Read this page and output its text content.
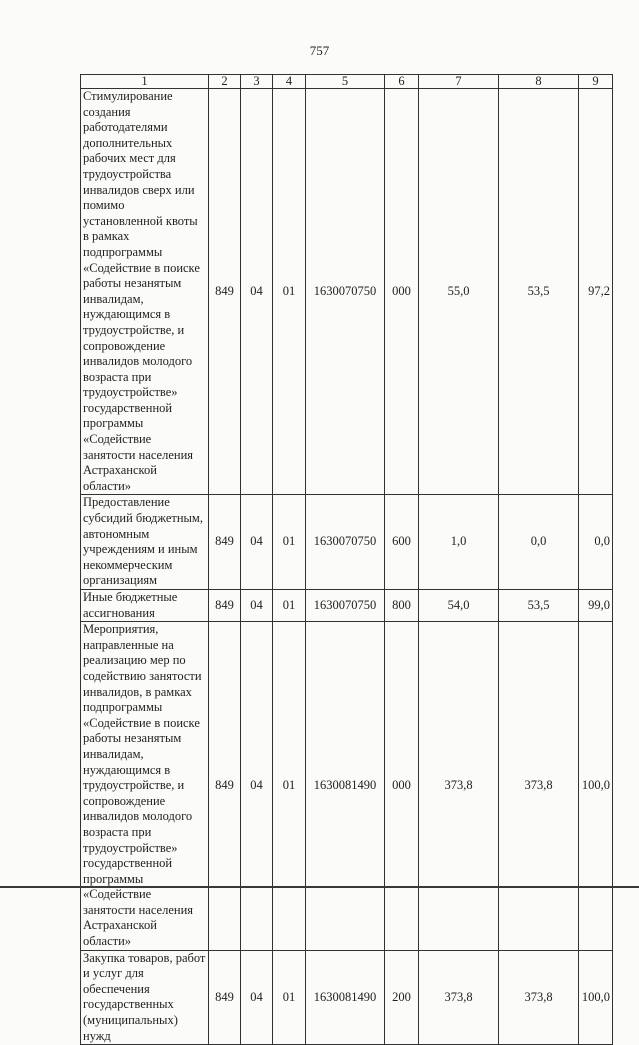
757
1	2	3	4	5	6	7	8	9
Стимулирование создания работодателями дополнительных рабочих мест для трудоустройства инвалидов сверх или помимо установленной квоты в рамках подпрограммы «Содействие в поиске работы незанятым инвалидам, нуждающимся в трудоустройстве, и сопровождение инвалидов молодого возраста при трудоустройстве» государственной программы «Содействие занятости населения Астраханской области»	849	04	01	1630070750	000	55,0	53,5	97,2
Предоставление субсидий бюджетным, автономным учреждениям и иным некоммерческим организациям	849	04	01	1630070750	600	1,0	0,0	0,0
Иные бюджетные ассигнования	849	04	01	1630070750	800	54,0	53,5	99,0
Мероприятия, направленные на реализацию мер по содействию занятости инвалидов, в рамках подпрограммы «Содействие в поиске работы незанятым инвалидам, нуждающимся в трудоустройстве, и сопровождение инвалидов молодого возраста при трудоустройстве» государственной программы «Содействие занятости населения Астраханской области»	849	04	01	1630081490	000	373,8	373,8	100,0
Закупка товаров, работ и услуг для обеспечения государственных (муниципальных) нужд	849	04	01	1630081490	200	373,8	373,8	100,0
